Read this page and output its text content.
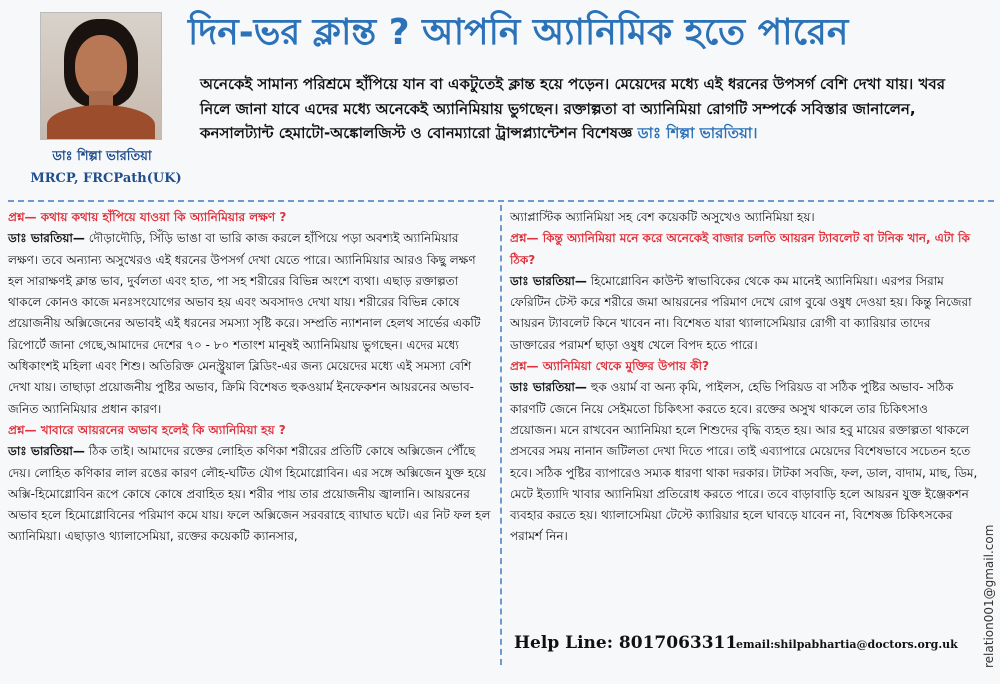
ডাঃ শিল্পা ভারতিয়া
MRCP, FRCPath(UK)
দিন-ভর ক্লান্ত ? আপনি অ্যানিমিক হতে পারেন
অনেকেই সামান্য পরিশ্রমে হাঁপিয়ে যান বা একটুতেই ক্লান্ত হয়ে পড়েন। মেয়েদের মধ্যে এই ধরনের উপসর্গ বেশি দেখা যায়। খবর নিলে জানা যাবে এদের মধ্যে অনেকেই অ্যানিমিয়ায় ভুগছেন। রক্তাল্পতা বা অ্যানিমিয়া রোগটি সম্পর্কে সবিস্তার জানালেন, কনসালট্যান্ট হেমাটো-অঙ্কোলজিস্ট ও বোনম্যারো ট্রান্সপ্ল্যান্টেশন বিশেষজ্ঞ ডাঃ শিল্পা ভারতিয়া।

প্রশ্ন— কথায় কথায় হাঁপিয়ে যাওয়া কি অ্যানিমিয়ার লক্ষণ ?

ডাঃ ভারতিয়া— দৌড়াদৌড়ি, সিঁড়ি ভাঙা বা ভারি কাজ করলে হাঁপিয়ে পড়া অবশ্যই অ্যানিমিয়ার লক্ষণ। তবে অন্যান্য অসুখেরও এই ধরনের উপসর্গ দেখা যেতে পারে। অ্যানিমিয়ার আরও কিছু লক্ষণ হল সারাক্ষণই ক্লান্ত ভাব, দুর্বলতা এবং হাত, পা সহ শরীরের বিভিন্ন অংশে ব্যথা। এছাড় রক্তাল্পতা থাকলে কোনও কাজে মনঃসংযোগের অভাব হয় এবং অবসাদও দেখা যায়। শরীরের বিভিন্ন কোষে প্রয়োজনীয় অক্সিজেনের অভাবই এই ধরনের সমস্যা সৃষ্টি করে। সম্প্রতি ন্যাশনাল হেলথ সার্ভের একটি রিপোর্টে জানা গেছে,আমাদের দেশের ৭০ - ৮০ শতাংশ মানুষই অ্যানিমিয়ায় ভুগছেন। এদের মধ্যে অধিকাংশই মহিলা এবং শিশু। অতিরিক্ত মেনস্ট্রুয়াল ব্লিডিং-এর জন্য মেয়েদের মধ্যে এই সমস্যা বেশি দেখা যায়। তাছাড়া প্রয়োজনীয় পুষ্টির অভাব, ক্রিমি বিশেষত হুকওয়ার্ম ইনফেকশন আয়রনের অভাব-জনিত অ্যানিমিয়ার প্রধান কারণ।

প্রশ্ন— খাবারে আয়রনের অভাব হলেই কি অ্যানিমিয়া হয় ?

ডাঃ ভারতিয়া— ঠিক তাই। আমাদের রক্তের লোহিত কণিকা শরীরের প্রতিটি কোষে অক্সিজেন পৌঁছে দেয়। লোহিত কণিকার লাল রঙের কারণ লৌহ-ঘটিত যৌগ হিমোগ্লোবিন। এর সঙ্গে অক্সিজেন যুক্ত হয়ে অক্সি-হিমোগ্লোবিন রূপে কোষে কোষে প্রবাহিত হয়। শরীর পায় তার প্রয়োজনীয় জ্বালানি। আয়রনের অভাব হলে হিমোগ্লোবিনের পরিমাণ কমে যায়। ফলে অক্সিজেন সরবরাহে ব্যাঘাত ঘটে। এর নিট ফল হল অ্যানিমিয়া। এছাড়াও থ্যালাসেমিয়া, রক্তের কয়েকটি ক্যানসার,

অ্যাপ্লাস্টিক অ্যানিমিয়া সহ বেশ কয়েকটি অসুখেও অ্যানিমিয়া হয়।

প্রশ্ন— কিন্তু অ্যানিমিয়া মনে করে অনেকেই বাজার চলতি আয়রন ট্যাবলেট বা টনিক খান, এটা কি ঠিক?

ডাঃ ভারতিয়া— হিমোগ্লোবিন কাউন্ট স্বাভাবিকের থেকে কম মানেই অ্যানিমিয়া। এরপর সিরাম ফেরিটিন টেস্ট করে শরীরে জমা আয়রনের পরিমাণ দেখে রোগ বুঝে ওষুধ দেওয়া হয়। কিন্তু নিজেরা আয়রন ট্যাবলেট কিনে খাবেন না। বিশেষত যারা থ্যালাসেমিয়ার রোগী বা ক্যারিয়ার তাদের ডাক্তারের পরামর্শ ছাড়া ওষুধ খেলে বিপদ হতে পারে।

প্রশ্ন— অ্যানিমিয়া থেকে মুক্তির উপায় কী?

ডাঃ ভারতিয়া— হুক ওয়ার্ম বা অন্য কৃমি, পাইলস, হেভি পিরিয়ড বা সঠিক পুষ্টির অভাব- সঠিক কারণটি জেনে নিয়ে সেইমতো চিকিৎসা করতে হবে। রক্তের অসুখ থাকলে তার চিকিৎসাও প্রয়োজন। মনে রাখবেন অ্যানিমিয়া হলে শিশুদের বৃদ্ধি ব্যহত হয়। আর হবু মায়ের রক্তাল্পতা থাকলে প্রসবের সময় নানান জটিলতা দেখা দিতে পারে। তাই এব্যাপারে মেয়েদের বিশেষভাবে সচেতন হতে হবে। সঠিক পুষ্টির ব্যাপারেও সম্যক ধারণা থাকা দরকার। টাটকা সবজি, ফল, ডাল, বাদাম, মাছ, ডিম, মেটে ইত্যাদি খাবার অ্যানিমিয়া প্রতিরোধ করতে পারে। তবে বাড়াবাড়ি হলে আয়রন যুক্ত ইঞ্জেকশন ব্যবহার করতে হয়। থ্যালাসেমিয়া টেস্টে ক্যারিয়ার হলে ঘাবড়ে যাবেন না, বিশেষজ্ঞ চিকিৎসকের পরামর্শ নিন।

Help Line: 8017063311
email:shilpabhartia@doctors.org.uk relation001@gmail.com
